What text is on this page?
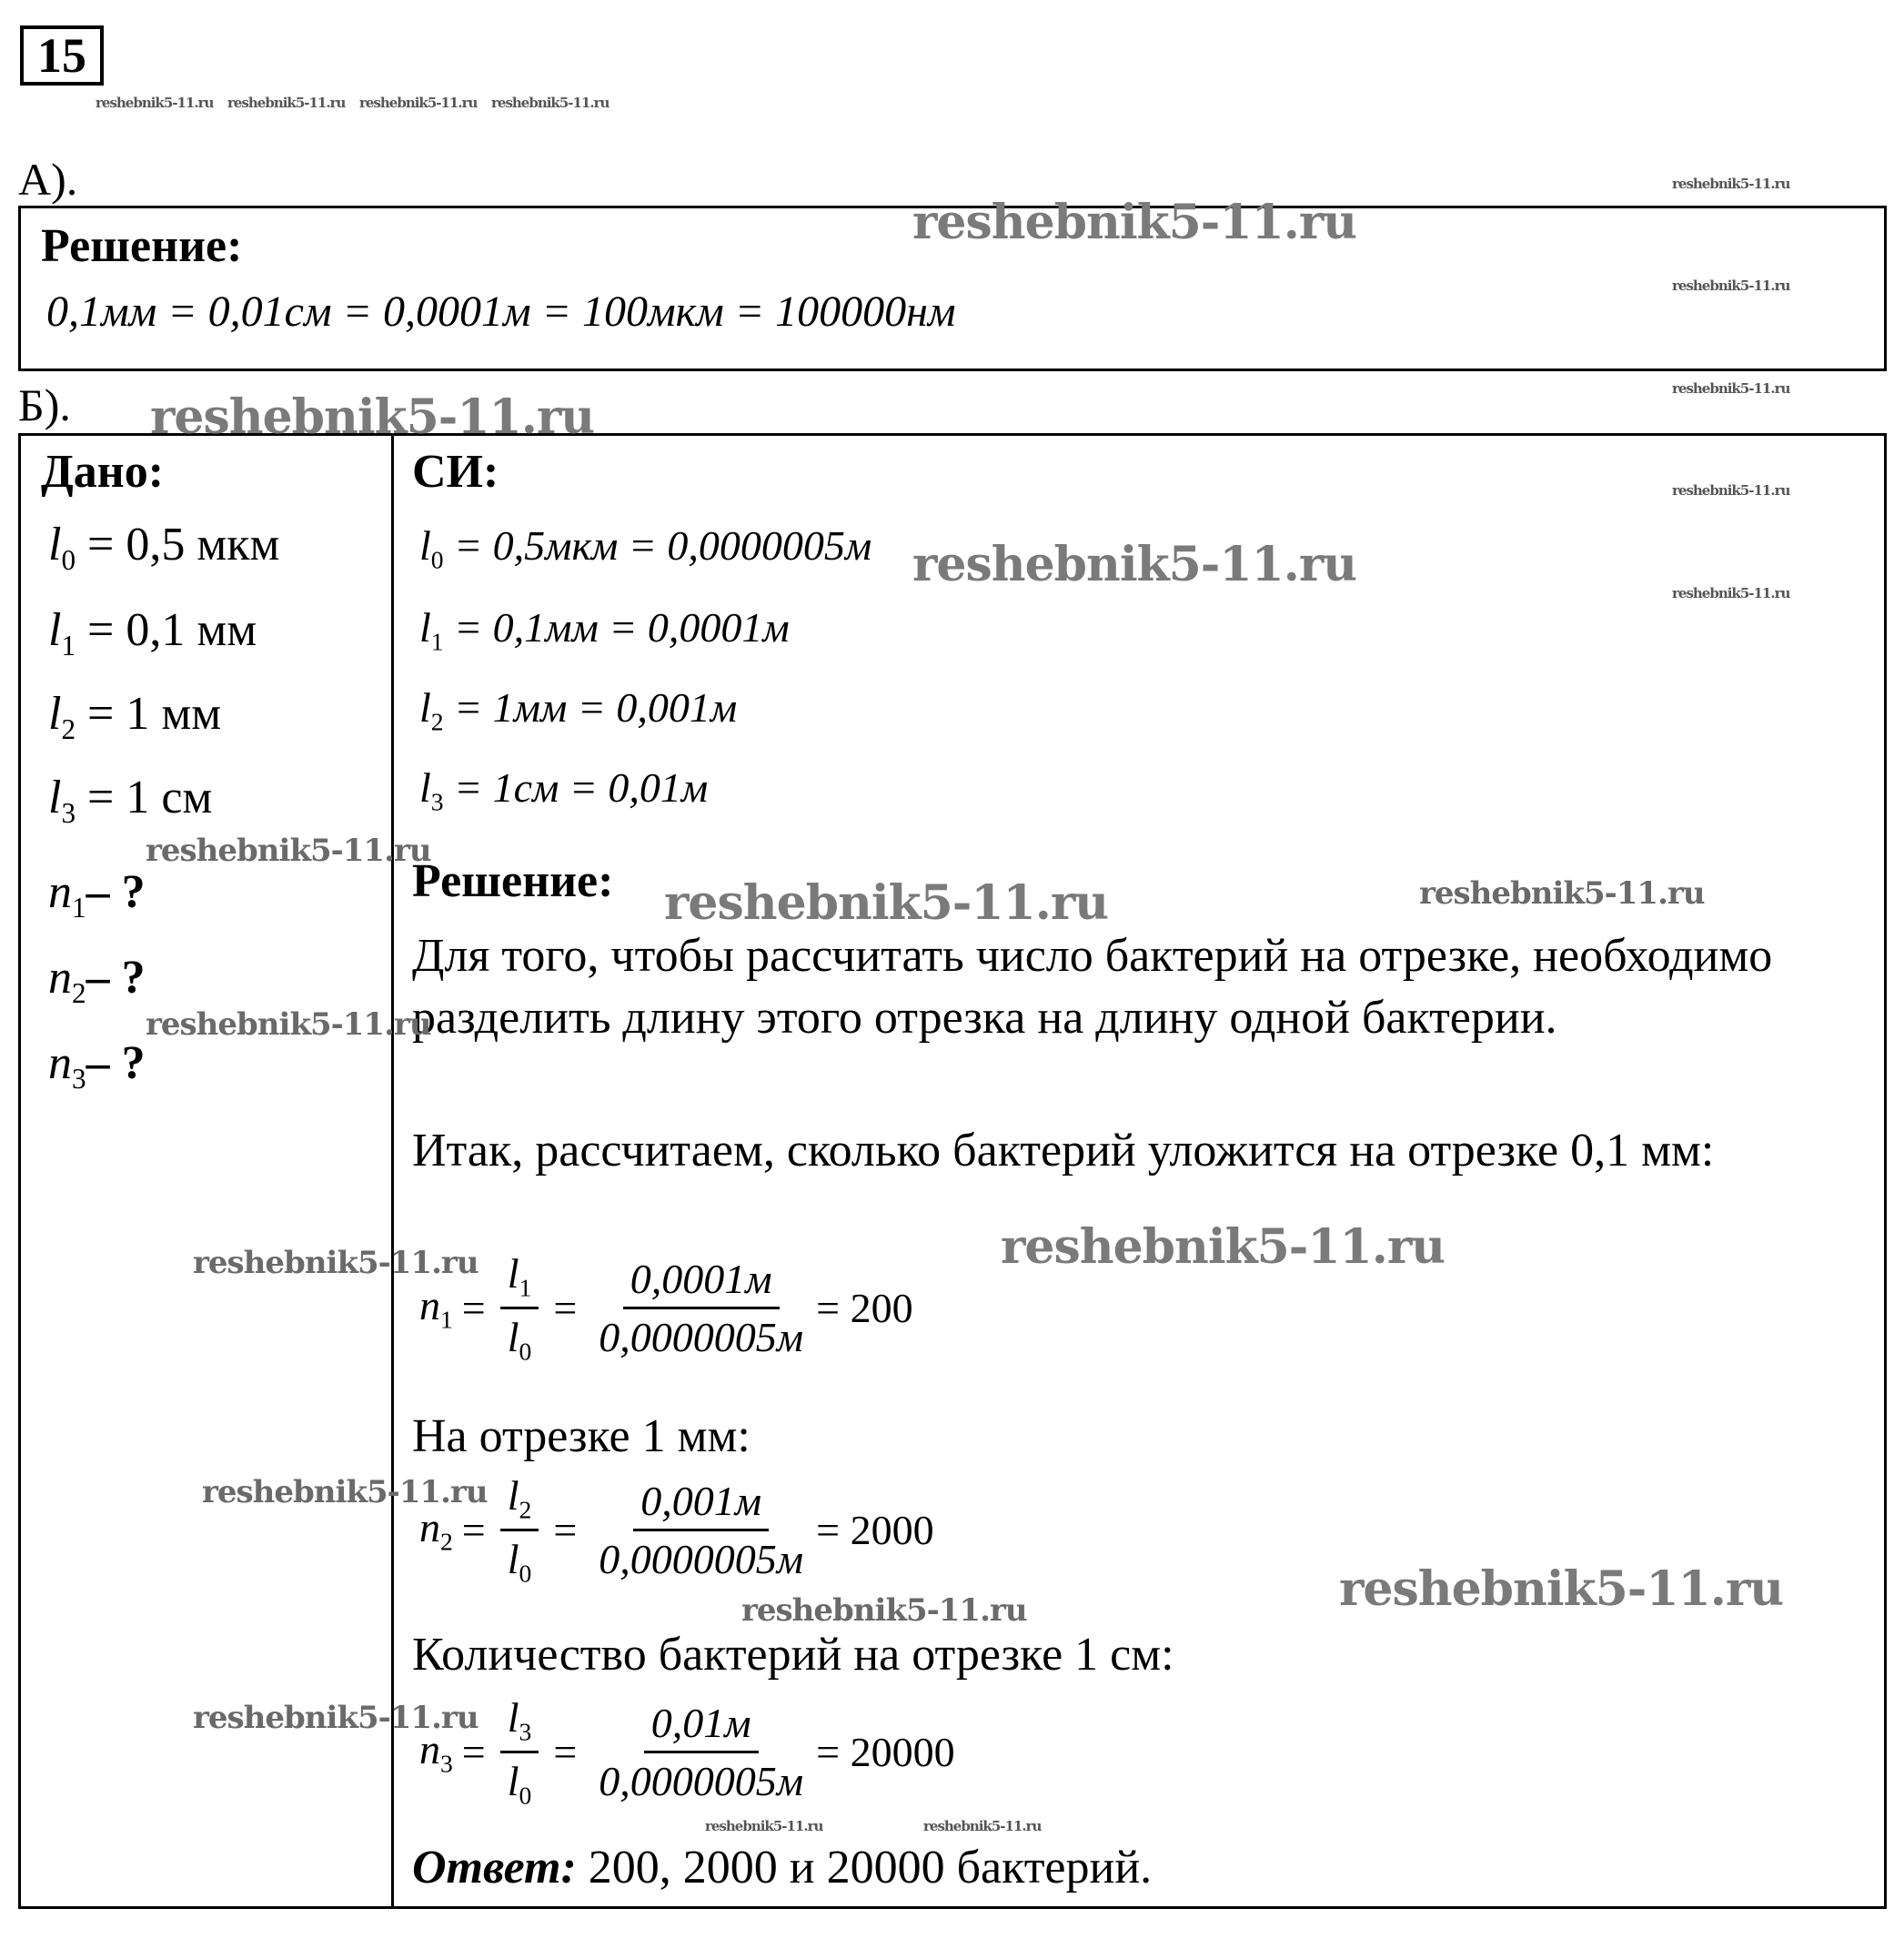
15
reshebnik5-11.ru reshebnik5-11.ru reshebnik5-11.ru reshebnik5-11.ru
А).
Решение:
0,1мм = 0,01см = 0,0001м = 100мкм = 100000нм
reshebnik5-11.ru
reshebnik5-11.ru
reshebnik5-11.ru
reshebnik5-11.ru
reshebnik5-11.ru
Б).
Дано:
$l_0 = 0,5$ мкм
$l_1 = 0,1$ мм
$l_2 = 1$ мм
$l_3 = 1$ см
$n_1-$ ?
$n_2-$ ?
$n_3-$ ?
СИ:
$l_0 = 0,5мкм = 0,0000005м$
$l_1 = 0,1мм = 0,0001м$
$l_2 = 1мм = 0,001м$
$l_3 = 1см = 0,01м$
Решение:
Для того, чтобы рассчитать число бактерий на отрезке, необходимо разделить длину этого отрезка на длину одной бактерии.
Итак, рассчитаем, сколько бактерий уложится на отрезке 0,1 мм:
$n_1 = \frac{l_1}{l_0} = \frac{0,0001м}{0,0000005м} = 200$
На отрезке 1 мм:
$n_2 = \frac{l_2}{l_0} = \frac{0,001м}{0,0000005м} = 2000$
Количество бактерий на отрезке 1 см:
$n_3 = \frac{l_3}{l_0} = \frac{0,01м}{0,0000005м} = 20000$
Ответ: 200, 2000 и 20000 бактерий.
reshebnik5-11.ru
reshebnik5-11.ru
reshebnik5-11.ru
reshebnik5-11.ru
reshebnik5-11.ru	reshebnik5-11.ru
reshebnik5-11.ru
reshebnik5-11.ru
reshebnik5-11.ru
reshebnik5-11.ru
reshebnik5-11.ru
reshebnik5-11.ru
reshebnik5-11.ru
reshebnik5-11.ru	reshebnik5-11.ru
